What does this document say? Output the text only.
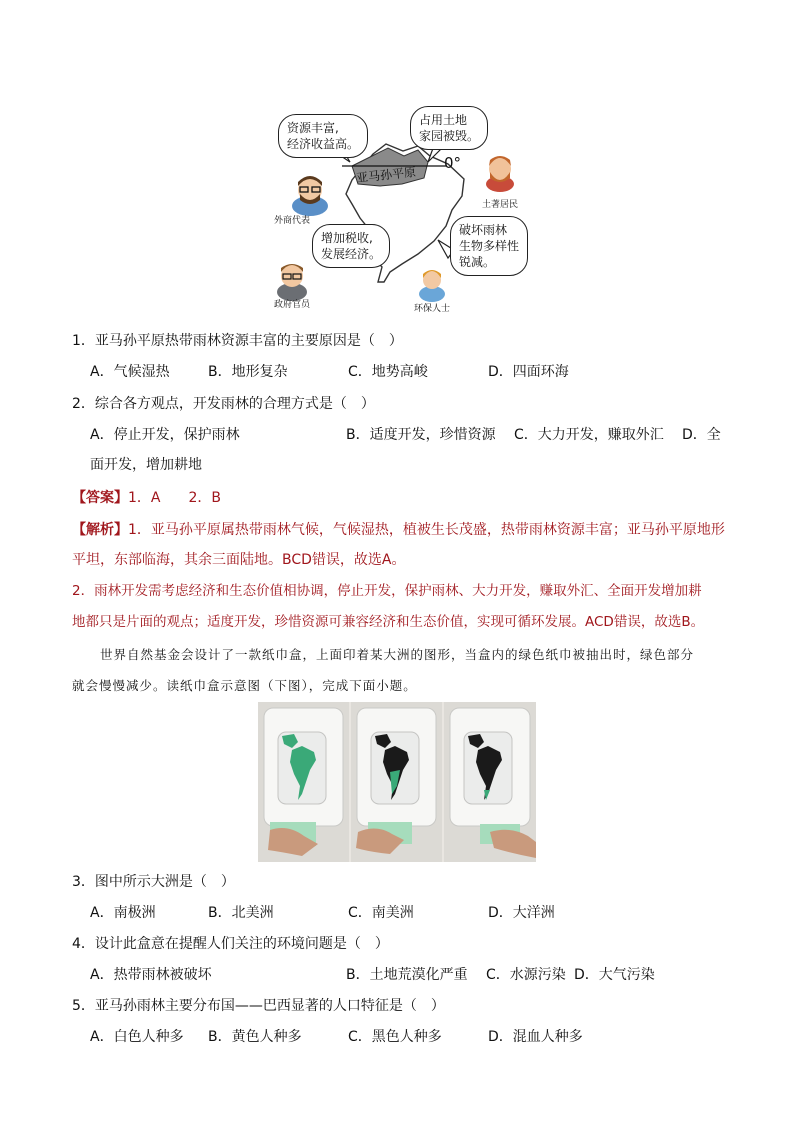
亚马孙平原
0°
资源丰富,
经济收益高。
占用土地
家园被毁。
增加税收,
发展经济。
破坏雨林
生物多样性
锐减。
外商代表
土著居民
政府官员	环保人士
1．亚马孙平原热带雨林资源丰富的主要原因是（　）
A．气候湿热	B．地形复杂	C．地势高峻	D．四面环海
2．综合各方观点，开发雨林的合理方式是（　）
A．停止开发，保护雨林	B．适度开发，珍惜资源 C．大力开发，赚取外汇 D．全
面开发，增加耕地
【答案】1．A　　2．B
【解析】1．亚马孙平原属热带雨林气候，气候湿热，植被生长茂盛，热带雨林资源丰富；亚马孙平原地形
平坦，东部临海，其余三面陆地。BCD错误，故选A。
2．雨林开发需考虑经济和生态价值相协调，停止开发，保护雨林、大力开发，赚取外汇、全面开发增加耕
地都只是片面的观点；适度开发，珍惜资源可兼容经济和生态价值，实现可循环发展。ACD错误，故选B。
世界自然基金会设计了一款纸巾盒，上面印着某大洲的图形，当盒内的绿色纸巾被抽出时，绿色部分
就会慢慢减少。读纸巾盒示意图（下图），完成下面小题。
3．图中所示大洲是（　）
A．南极洲	B．北美洲	C．南美洲	D．大洋洲
4．设计此盒意在提醒人们关注的环境问题是（　）
A．热带雨林被破坏	B．土地荒漠化严重 C．水源污染 D．大气污染
5．亚马孙雨林主要分布国——巴西显著的人口特征是（　）
A．白色人种多 B．黄色人种多	C．黑色人种多	D．混血人种多
